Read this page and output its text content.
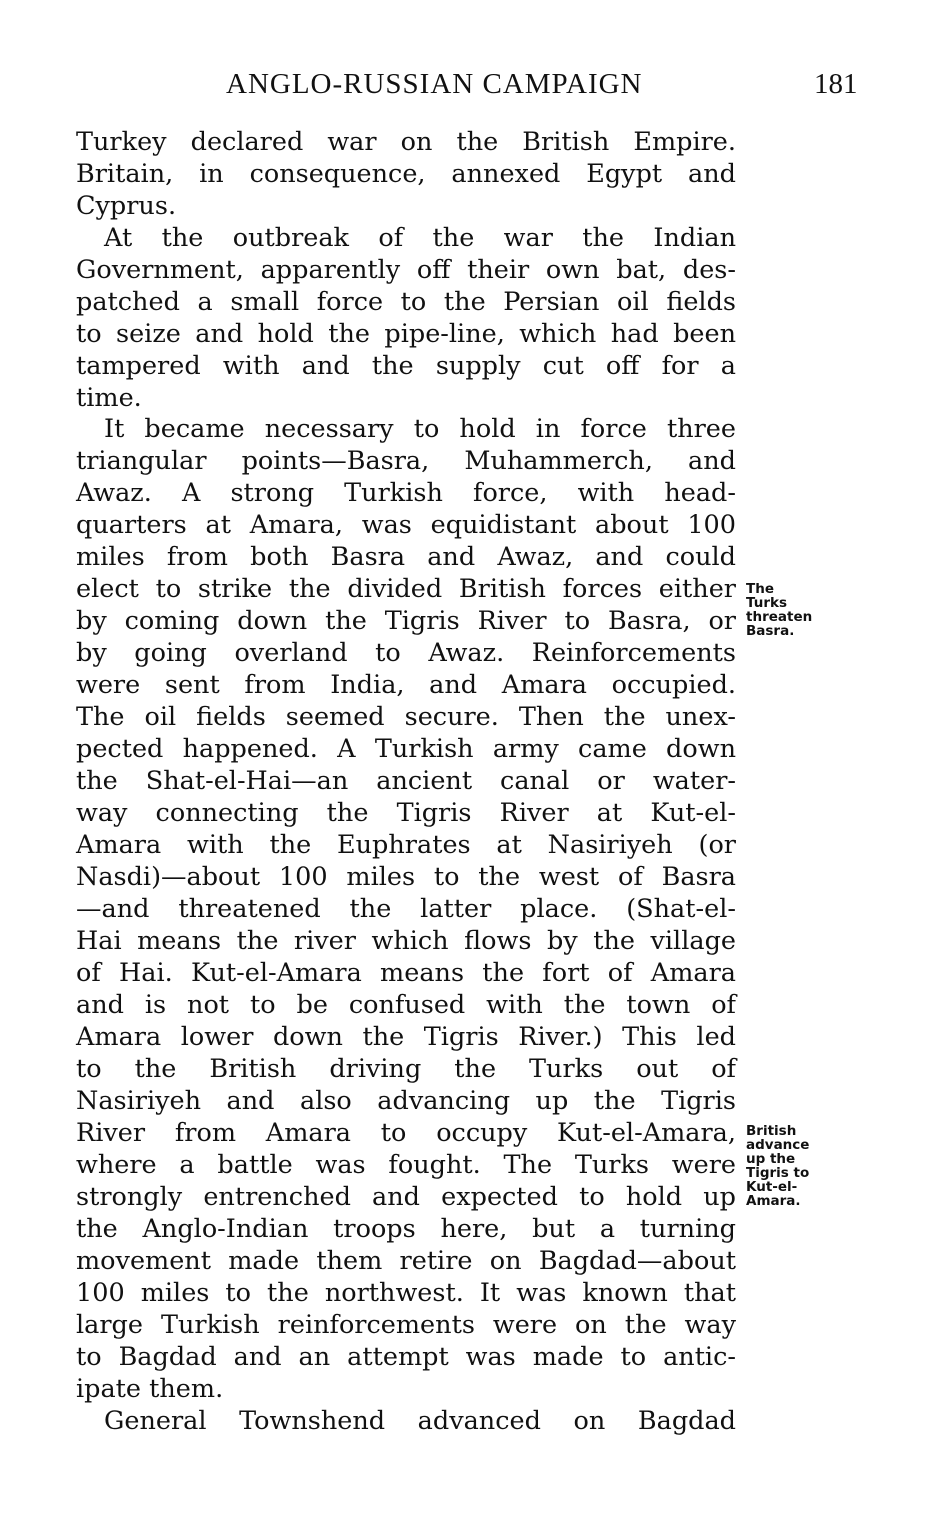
ANGLO-RUSSIAN CAMPAIGN	181
Turkey declared war on the British Empire.
Britain, in consequence, annexed Egypt and
Cyprus.
At the outbreak of the war the Indian
Government, apparently off their own bat, des-
patched a small force to the Persian oil fields
to seize and hold the pipe-line, which had been
tampered with and the supply cut off for a
time.
It became necessary to hold in force three
triangular points—Basra, Muhammerch, and
Awaz. A strong Turkish force, with head-
quarters at Amara, was equidistant about 100
miles from both Basra and Awaz, and could
elect to strike the divided British forces either
by coming down the Tigris River to Basra, or
by going overland to Awaz. Reinforcements
were sent from India, and Amara occupied.
The oil fields seemed secure. Then the unex-
pected happened. A Turkish army came down
the Shat-el-Hai—an ancient canal or water-
way connecting the Tigris River at Kut-el-
Amara with the Euphrates at Nasiriyeh (or
Nasdi)—about 100 miles to the west of Basra
—and threatened the latter place. (Shat-el-
Hai means the river which flows by the village
of Hai. Kut-el-Amara means the fort of Amara
and is not to be confused with the town of
Amara lower down the Tigris River.) This led
to the British driving the Turks out of
Nasiriyeh and also advancing up the Tigris
River from Amara to occupy Kut-el-Amara,
where a battle was fought. The Turks were
strongly entrenched and expected to hold up
the Anglo-Indian troops here, but a turning
movement made them retire on Bagdad—about
100 miles to the northwest. It was known that
large Turkish reinforcements were on the way
to Bagdad and an attempt was made to antic-
ipate them.
General Townshend advanced on Bagdad
The
Turks
threaten
Basra.
British
advance
up the
Tigris to
Kut-el-
Amara.
